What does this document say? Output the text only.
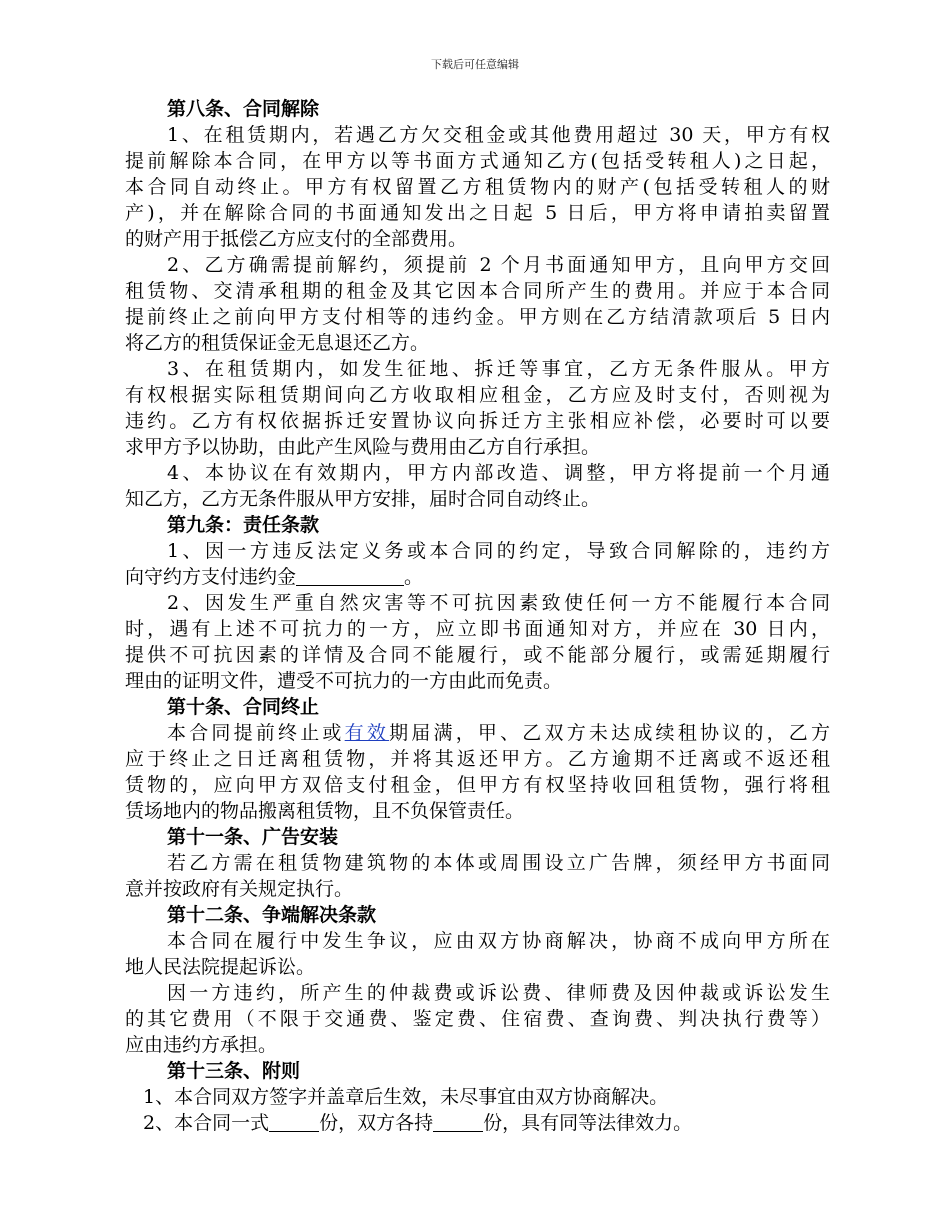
下载后可任意编辑
第八条、合同解除
1、在租赁期内，若遇乙方欠交租金或其他费用超过 30 天，甲方有权
提前解除本合同，在甲方以等书面方式通知乙方(包括受转租人)之日起，
本合同自动终止。甲方有权留置乙方租赁物内的财产(包括受转租人的财
产)，并在解除合同的书面通知发出之日起 5 日后，甲方将申请拍卖留置
的财产用于抵偿乙方应支付的全部费用。
2、乙方确需提前解约，须提前 2 个月书面通知甲方，且向甲方交回
租赁物、交清承租期的租金及其它因本合同所产生的费用。并应于本合同
提前终止之前向甲方支付相等的违约金。甲方则在乙方结清款项后 5 日内
将乙方的租赁保证金无息退还乙方。
3、在租赁期内，如发生征地、拆迁等事宜，乙方无条件服从。甲方
有权根据实际租赁期间向乙方收取相应租金，乙方应及时支付，否则视为
违约。乙方有权依据拆迁安置协议向拆迁方主张相应补偿，必要时可以要
求甲方予以协助，由此产生风险与费用由乙方自行承担。
4、本协议在有效期内，甲方内部改造、调整，甲方将提前一个月通
知乙方，乙方无条件服从甲方安排，届时合同自动终止。
第九条：责任条款
1、因一方违反法定义务或本合同的约定，导致合同解除的，违约方
向守约方支付违约金	。
2、因发生严重自然灾害等不可抗因素致使任何一方不能履行本合同
时，遇有上述不可抗力的一方，应立即书面通知对方，并应在 30 日内，
提供不可抗因素的详情及合同不能履行，或不能部分履行，或需延期履行
理由的证明文件，遭受不可抗力的一方由此而免责。
第十条、合同终止
本合同提前终止或有效期届满，甲、乙双方未达成续租协议的，乙方
应于终止之日迁离租赁物，并将其返还甲方。乙方逾期不迁离或不返还租
赁物的，应向甲方双倍支付租金，但甲方有权坚持收回租赁物，强行将租
赁场地内的物品搬离租赁物，且不负保管责任。
第十一条、广告安装
若乙方需在租赁物建筑物的本体或周围设立广告牌，须经甲方书面同
意并按政府有关规定执行。
第十二条、争端解决条款
本合同在履行中发生争议，应由双方协商解决，协商不成向甲方所在
地人民法院提起诉讼。
因一方违约，所产生的仲裁费或诉讼费、律师费及因仲裁或诉讼发生
的其它费用（不限于交通费、鉴定费、住宿费、查询费、判决执行费等）
应由违约方承担。
第十三条、附则
1、本合同双方签字并盖章后生效，未尽事宜由双方协商解决。
2、本合同一式	份，双方各持	份，具有同等法律效力。
